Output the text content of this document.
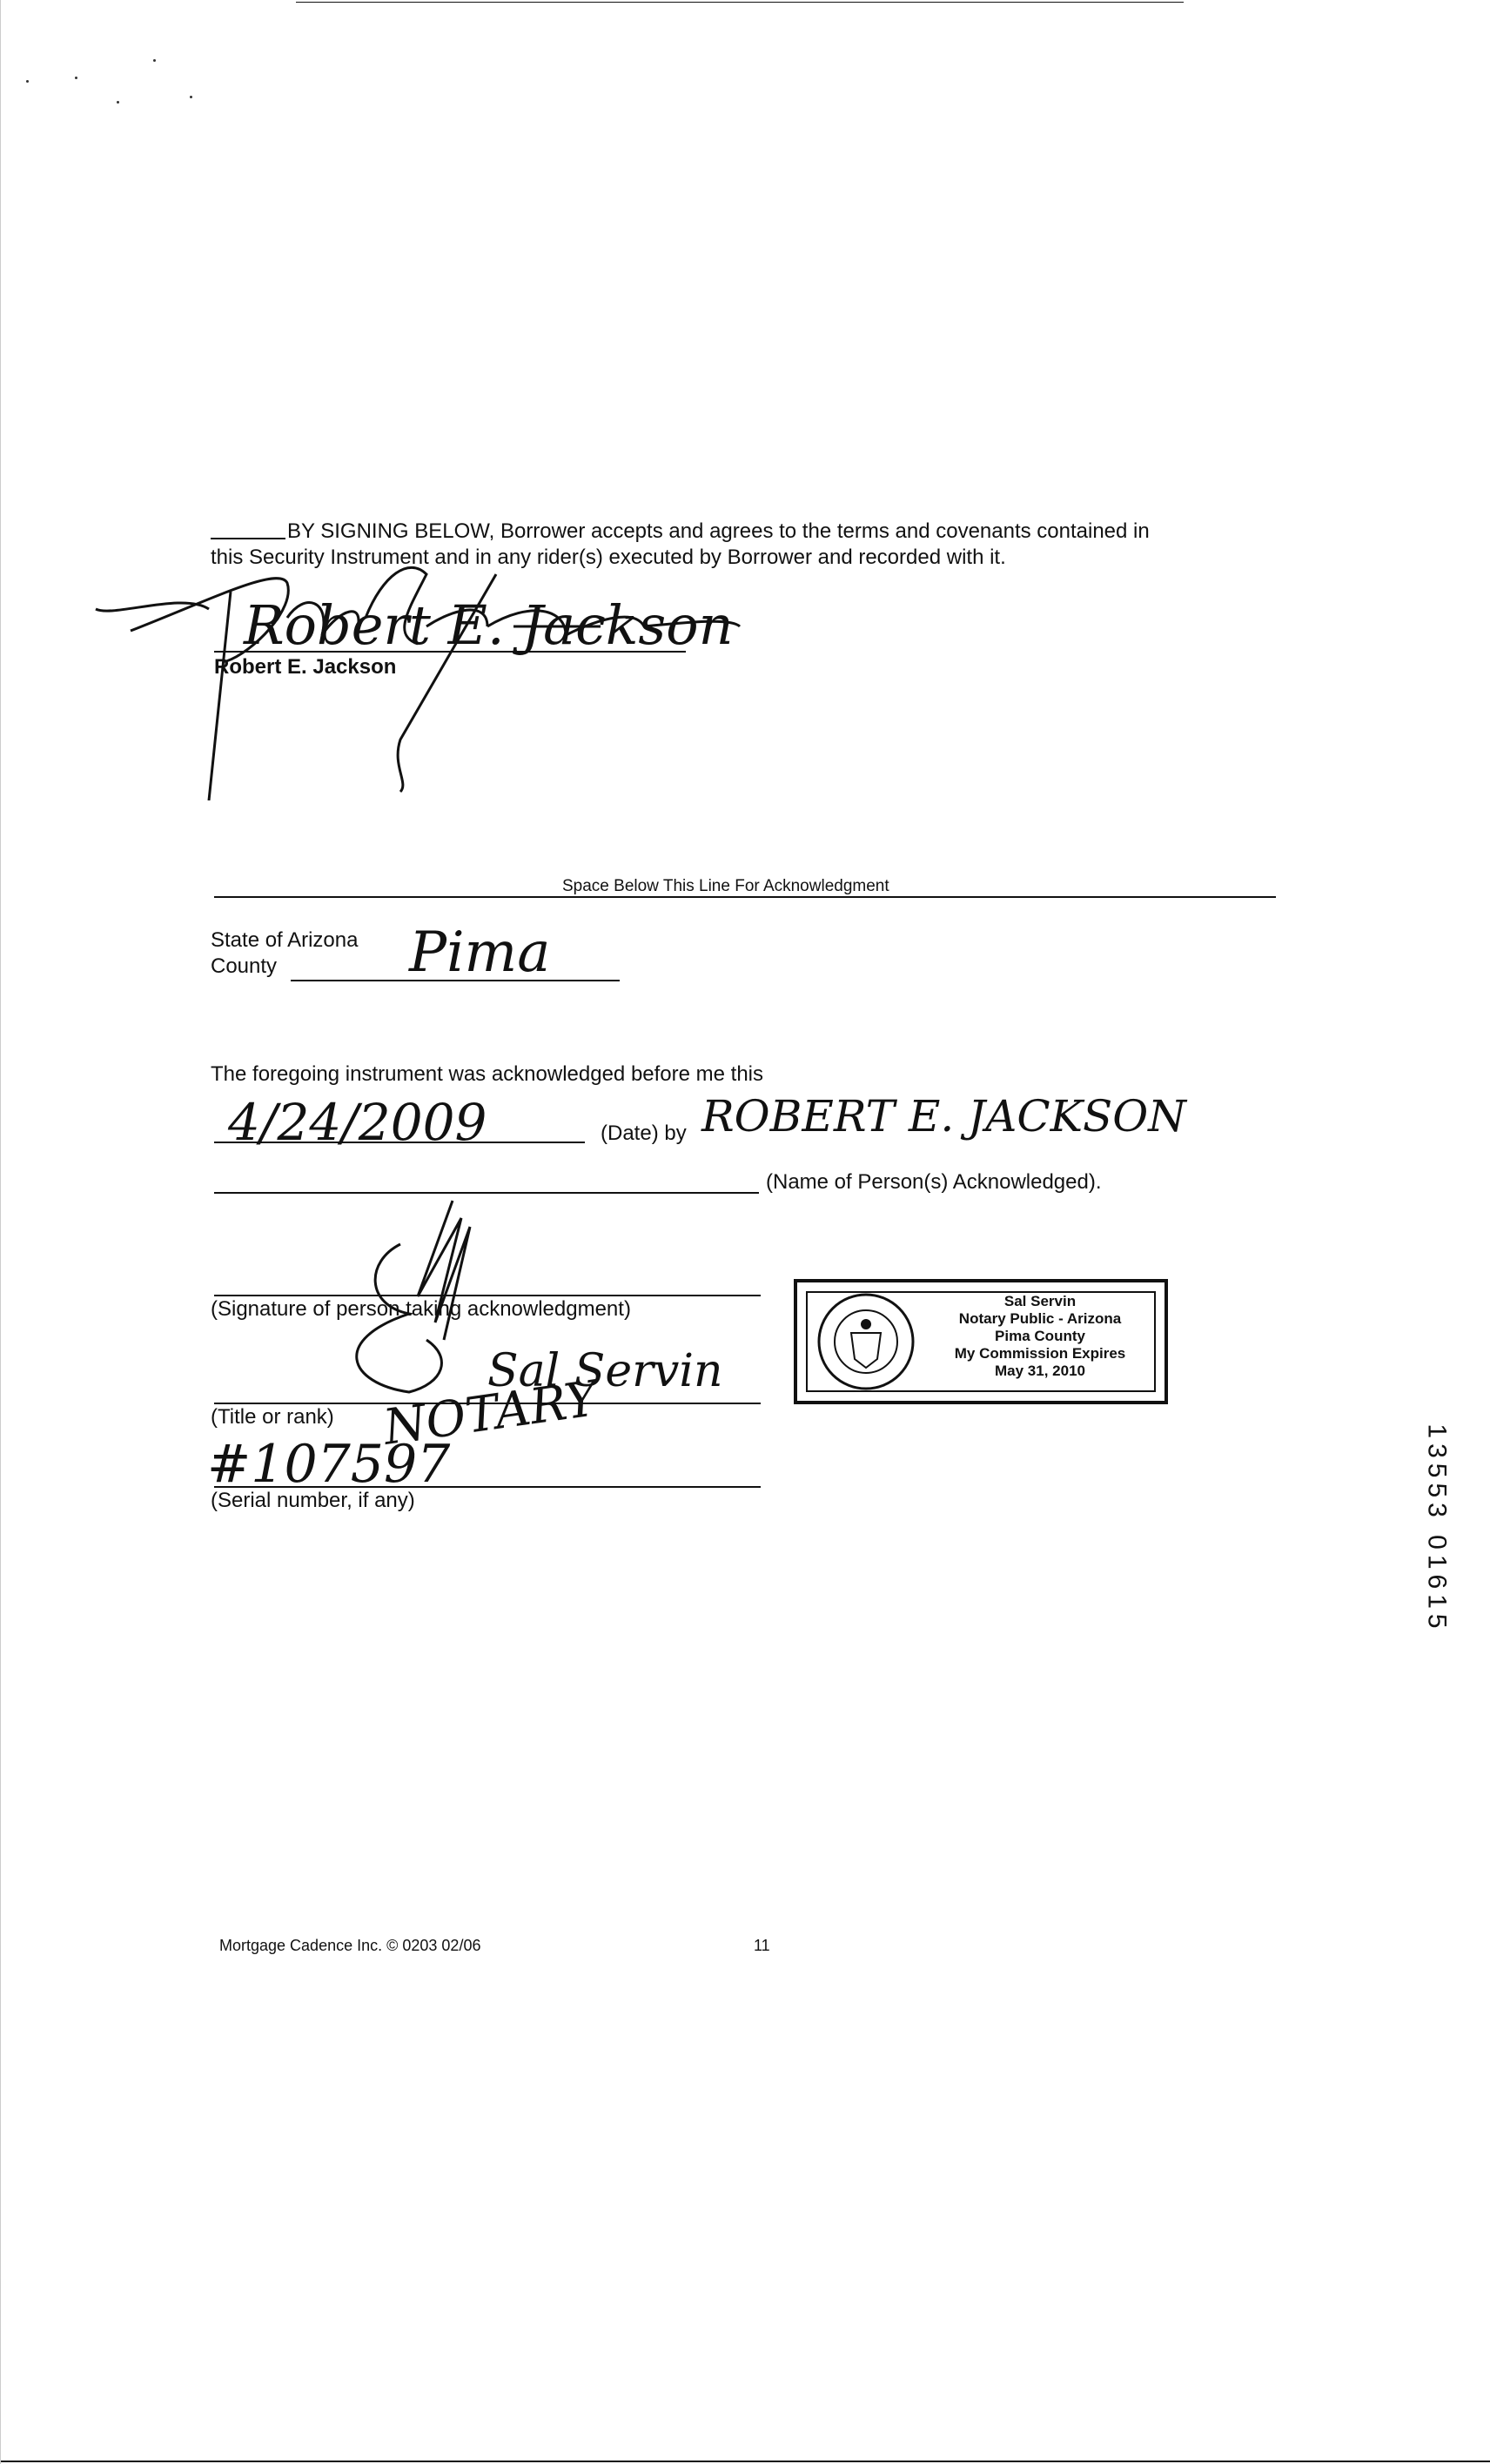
BY SIGNING BELOW, Borrower accepts and agrees to the terms and covenants contained in
this Security Instrument and in any rider(s) executed by Borrower and recorded with it.
Robert E. Jackson
Robert E. Jackson
Space Below This Line For Acknowledgment
State of Arizona
County Pima
The foregoing instrument was acknowledged before me this
4/24/2009	(Date) by ROBERT E. JACKSON
(Name of Person(s) Acknowledged).
(Signature of person taking acknowledgment)
Sal Servin
(Title or rank) NOTARY
#107597
(Serial number, if any)
Sal Servin
Notary Public - Arizona
Pima County
My Commission Expires
May 31, 2010
13553 01615
Mortgage Cadence Inc. © 0203 02/06	11
